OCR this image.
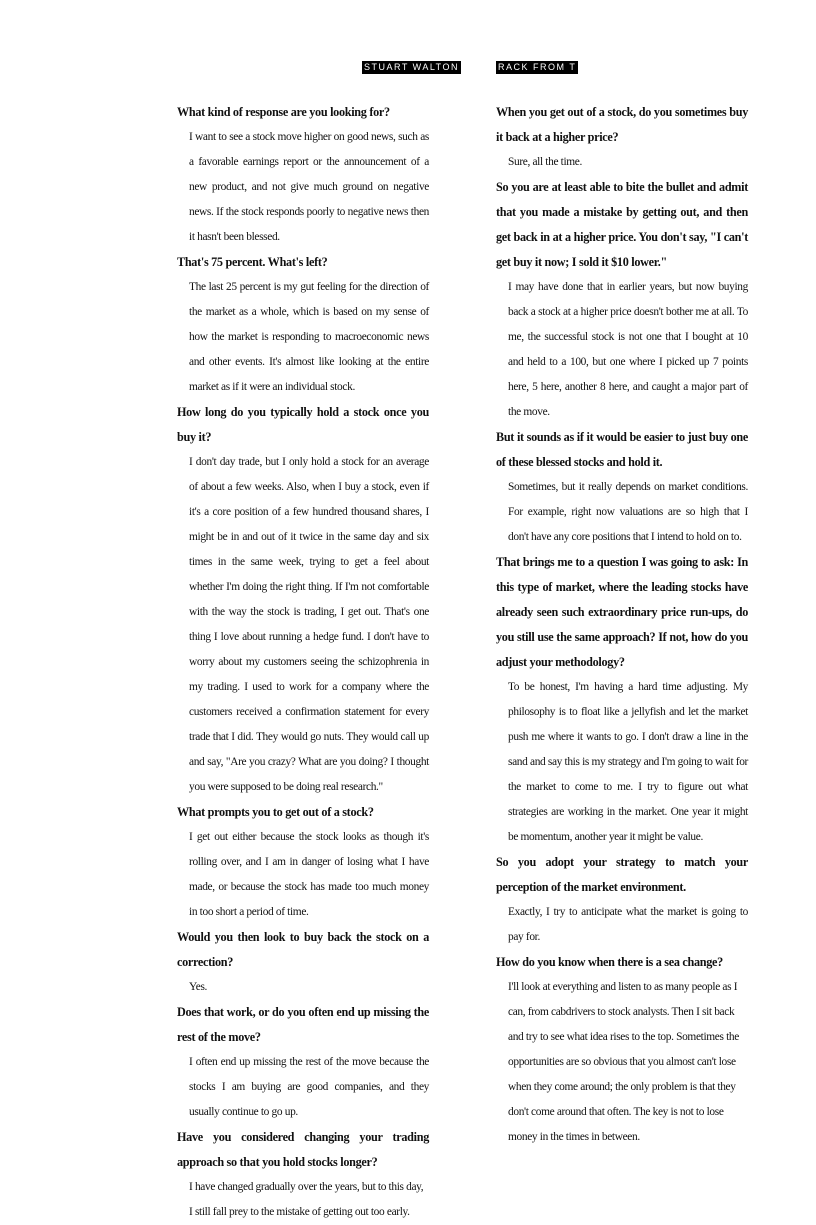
STUART WALTON	RACK FROM T

What kind of response are you looking for?

I want to see a stock move higher on good news, such as a favorable earnings report or the announcement of a new product, and not give much ground on negative news. If the stock responds poorly to negative news then it hasn't been blessed.

That's 75 percent. What's left?

The last 25 percent is my gut feeling for the direction of the market as a whole, which is based on my sense of how the market is responding to macroeconomic news and other events. It's almost like looking at the entire market as if it were an individual stock.

How long do you typically hold a stock once you buy it?

I don't day trade, but I only hold a stock for an average of about a few weeks. Also, when I buy a stock, even if it's a core position of a few hundred thousand shares, I might be in and out of it twice in the same day and six times in the same week, trying to get a feel about whether I'm doing the right thing. If I'm not comfortable with the way the stock is trading, I get out. That's one thing I love about running a hedge fund. I don't have to worry about my customers seeing the schizophrenia in my trading. I used to work for a company where the customers received a confirmation statement for every trade that I did. They would go nuts. They would call up and say, "Are you crazy? What are you doing? I thought you were supposed to be doing real research."

What prompts you to get out of a stock?

I get out either because the stock looks as though it's rolling over, and I am in danger of losing what I have made, or because the stock has made too much money in too short a period of time.

Would you then look to buy back the stock on a correction?

Yes.

Does that work, or do you often end up missing the rest of the move?

I often end up missing the rest of the move because the stocks I am buying are good companies, and they usually continue to go up.

Have you considered changing your trading approach so that you hold stocks longer?

I have changed gradually over the years, but to this day, I still fall prey to the mistake of getting out too early.

When you get out of a stock, do you sometimes buy it back at a higher price?

Sure, all the time.

So you are at least able to bite the bullet and admit that you made a mistake by getting out, and then get back in at a higher price. You don't say, "I can't get buy it now; I sold it $10 lower."

I may have done that in earlier years, but now buying back a stock at a higher price doesn't bother me at all. To me, the successful stock is not one that I bought at 10 and held to a 100, but one where I picked up 7 points here, 5 here, another 8 here, and caught a major part of the move.

But it sounds as if it would be easier to just buy one of these blessed stocks and hold it.

Sometimes, but it really depends on market conditions. For example, right now valuations are so high that I don't have any core positions that I intend to hold on to.

That brings me to a question I was going to ask: In this type of market, where the leading stocks have already seen such extraordinary price run-ups, do you still use the same approach? If not, how do you adjust your methodology?

To be honest, I'm having a hard time adjusting. My philosophy is to float like a jellyfish and let the market push me where it wants to go. I don't draw a line in the sand and say this is my strategy and I'm going to wait for the market to come to me. I try to figure out what strategies are working in the market. One year it might be momentum, another year it might be value.

So you adopt your strategy to match your perception of the market environment.

Exactly, I try to anticipate what the market is going to pay for.

How do you know when there is a sea change?

I'll look at everything and listen to as many people as I can, from cabdrivers to stock analysts. Then I sit back and try to see what idea rises to the top. Sometimes the opportunities are so obvious that you almost can't lose when they come around; the only problem is that they don't come around that often. The key is not to lose money in the times in between.
